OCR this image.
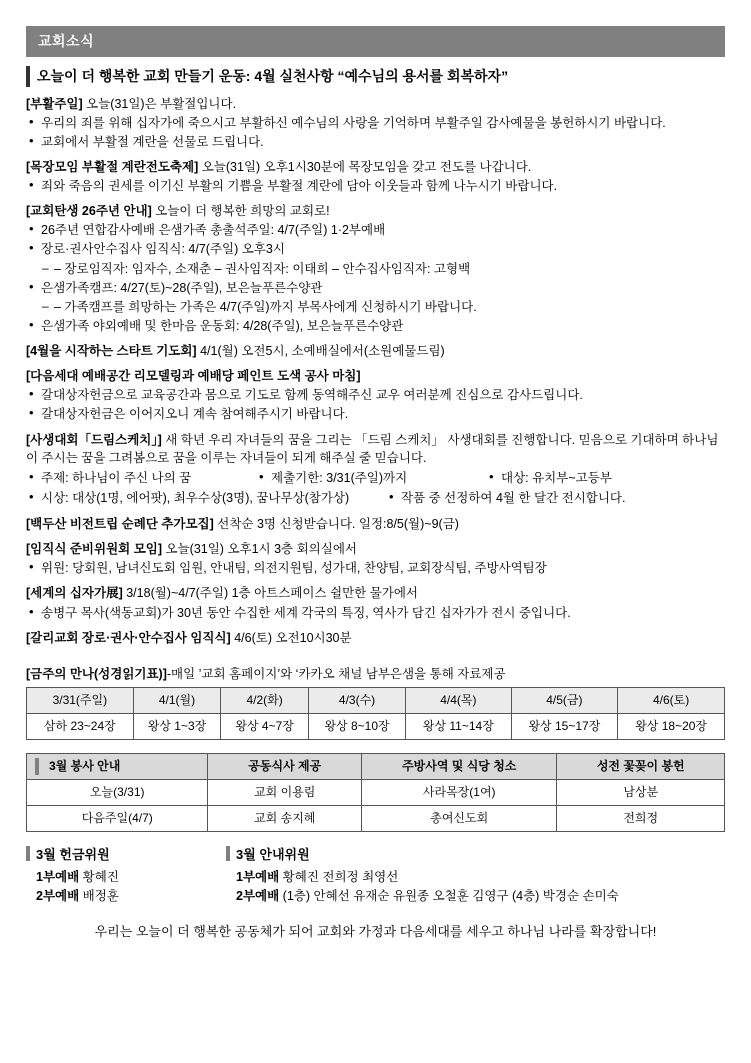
교회소식
오늘이 더 행복한 교회 만들기 운동: 4월 실천사항 “예수님의 용서를 회복하자”
[부활주일] 오늘(31일)은 부활절입니다.
• 우리의 죄를 위해 십자가에 죽으시고 부활하신 예수님의 사랑을 기억하며 부활주일 감사예물을 봉헌하시기 바랍니다.
• 교회에서 부활절 계란을 선물로 드립니다.
[목장모임 부활절 계란전도축제] 오늘(31일) 오후1시30분에 목장모임을 갖고 전도를 나갑니다.
• 죄와 죽음의 권세를 이기신 부활의 기쁨을 부활절 계란에 담아 이웃들과 함께 나누시기 바랍니다.
[교회탄생 26주년 안내] 오늘이 더 행복한 희망의 교회로!
• 26주년 연합감사예배 은샘가족 총출석주일: 4/7(주일) 1·2부예배
• 장로·권사안수집사 임직식: 4/7(주일) 오후3시
– – 장로임직자: 임자수, 소재춘 – 권사임직자: 이태희 – 안수집사임직자: 고형백
• 은샘가족캠프: 4/27(토)~28(주일), 보은늘푸른수양관
– – 가족캠프를 희망하는 가족은 4/7(주일)까지 부목사에게 신청하시기 바랍니다.
• 은샘가족 야외예배 및 한마음 운동회: 4/28(주일), 보은늘푸른수양관
[4월을 시작하는 스타트 기도회] 4/1(월) 오전5시, 소예배실에서(소원예물드림)
[다음세대 예배공간 리모델링과 예배당 페인트 도색 공사 마침]
• 갈대상자헌금으로 교육공간과 몸으로 기도로 함께 동역해주신 교우 여러분께 진심으로 감사드립니다.
• 갈대상자헌금은 이어지오니 계속 참여해주시기 바랍니다.
[사생대회「드림스케치」] 새 학년 우리 자녀들의 꿈을 그리는 「드림 스케치」 사생대회를 진행합니다. 믿음으로 기대하며 하나님이 주시는 꿈을 그려봄으로 꿈을 이루는 자녀들이 되게 해주실 줄 믿습니다.
• 주제: 하나님이 주신 나의 꿈	• 제출기한: 3/31(주일)까지	• 대상: 유치부~고등부
• 시상: 대상(1명, 에어팟), 최우수상(3명), 꿈나무상(참가상)	• 작품 중 선정하여 4월 한 달간 전시합니다.
[백두산 비전트립 순례단 추가모집] 선착순 3명 신청받습니다. 일정:8/5(월)~9(금)
[임직식 준비위원회 모임] 오늘(31일) 오후1시 3층 회의실에서
• 위원: 당회원, 남녀신도회 임원, 안내팀, 의전지원팀, 성가대, 찬양팀, 교회장식팀, 주방사역팀장
[세계의 십자가展] 3/18(월)~4/7(주일) 1층 아트스페이스 쉴만한 물가에서
• 송병구 목사(색동교회)가 30년 동안 수집한 세계 각국의 특징, 역사가 담긴 십자가가 전시 중입니다.
[갈리교회 장로·권사·안수집사 임직식] 4/6(토) 오전10시30분
[금주의 만나(성경읽기표)]-매일 ’교회 홈페이지’와 ‘카카오 채널 남부은샘을 통해 자료제공
3/31(주일)	4/1(월)	4/2(화)	4/3(수)	4/4(목)	4/5(금)	4/6(토)
삼하 23~24장	왕상 1~3장	왕상 4~7장	왕상 8~10장	왕상 11~14장	왕상 15~17장	왕상 18~20장
3월 봉사 안내	공동식사 제공	주방사역 및 식당 청소	성전 꽃꽂이 봉헌
오늘(3/31)	교회 이용림	사라목장(1여)	남상분
다음주일(4/7)	교회 송지혜	총여신도회	전희정
3월 헌금위원
1부예배 황혜진
2부예배 배정훈
3월 안내위원
1부예배 황혜진 전희정 최영선
2부예배 (1층) 안혜선 유재순 유원종 오철훈 김영구 (4층) 박경순 손미숙
우리는 오늘이 더 행복한 공동체가 되어 교회와 가정과 다음세대를 세우고 하나님 나라를 확장합니다!
